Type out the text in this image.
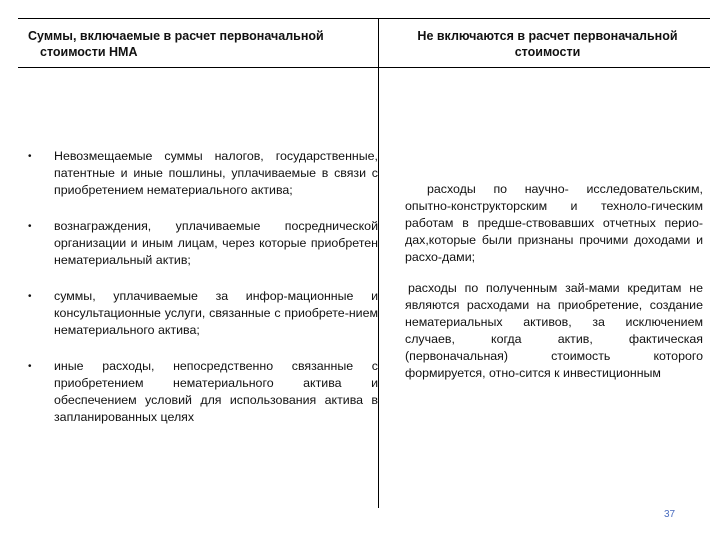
Суммы, включаемые в расчет первоначальной
стоимости НМА
Не включаются в расчет первоначальной
стоимости
• Невозмещаемые суммы налогов, государственные, патентные и иные пошлины, уплачиваемые в связи с приобретением нематериального актива;
• вознаграждения, уплачиваемые посреднической организации и иным лицам, через которые приобретен нематериальный актив;
• суммы, уплачиваемые за инфор-мационные и консультационные услуги, связанные с приобрете-нием нематериального актива;
• иные расходы, непосредственно связанные с приобретением нематериального актива и обеспечением условий для использования актива в запланированных целях
расходы по научно- исследовательским, опытно-конструкторским и техноло-гическим работам в предше-ствовавших отчетных перио-дах,которые были признаны прочими доходами и расхо-дами;
расходы по полученным зай-мами кредитам не являются расходами на приобретение, создание нематериальных активов, за исключением случаев, когда актив, фактическая (первоначальная) стоимость которого формируется, отно-сится к инвестиционным
37
